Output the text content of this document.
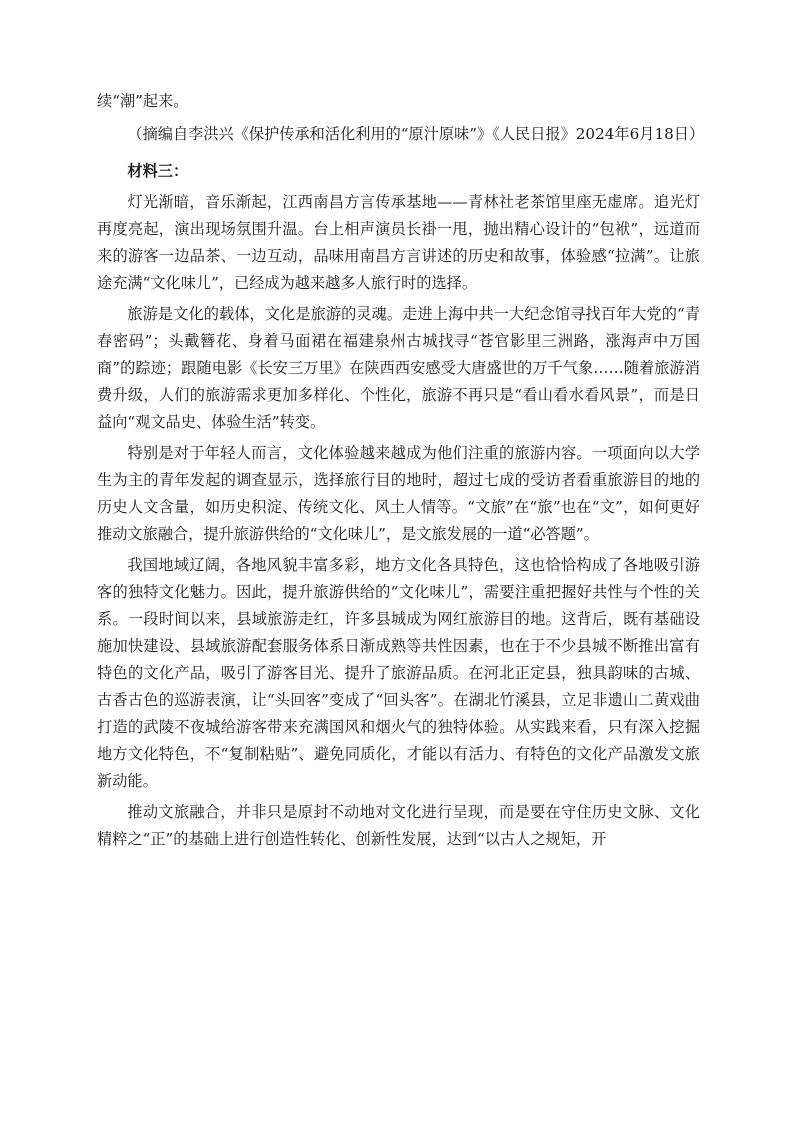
续“潮”起来。

（摘编自李洪兴《保护传承和活化利用的“原汁原味”》《人民日报》2024年6月18日）

材料三：

灯光渐暗，音乐渐起，江西南昌方言传承基地——青林社老茶馆里座无虚席。追光灯再度亮起，演出现场氛围升温。台上相声演员长褂一甩，抛出精心设计的“包袱”，远道而来的游客一边品茶、一边互动，品味用南昌方言讲述的历史和故事，体验感“拉满”。让旅途充满“文化味儿”，已经成为越来越多人旅行时的选择。

旅游是文化的载体，文化是旅游的灵魂。走进上海中共一大纪念馆寻找百年大党的“青春密码”；头戴簪花、身着马面裙在福建泉州古城找寻“苍官影里三洲路，涨海声中万国商”的踪迹；跟随电影《长安三万里》在陕西西安感受大唐盛世的万千气象……随着旅游消费升级，人们的旅游需求更加多样化、个性化，旅游不再只是“看山看水看风景”，而是日益向“观文品史、体验生活”转变。

特别是对于年轻人而言，文化体验越来越成为他们注重的旅游内容。一项面向以大学生为主的青年发起的调查显示，选择旅行目的地时，超过七成的受访者看重旅游目的地的历史人文含量，如历史积淀、传统文化、风土人情等。“文旅”在“旅”也在“文”，如何更好推动文旅融合，提升旅游供给的“文化味儿”，是文旅发展的一道“必答题”。

我国地域辽阔，各地风貌丰富多彩，地方文化各具特色，这也恰恰构成了各地吸引游客的独特文化魅力。因此，提升旅游供给的“文化味儿”，需要注重把握好共性与个性的关系。一段时间以来，县域旅游走红，许多县城成为网红旅游目的地。这背后，既有基础设施加快建设、县域旅游配套服务体系日渐成熟等共性因素，也在于不少县城不断推出富有特色的文化产品，吸引了游客目光、提升了旅游品质。在河北正定县，独具韵味的古城、古香古色的巡游表演，让“头回客”变成了“回头客”。在湖北竹溪县，立足非遗山二黄戏曲打造的武陵不夜城给游客带来充满国风和烟火气的独特体验。从实践来看，只有深入挖掘地方文化特色，不“复制粘贴”、避免同质化，才能以有活力、有特色的文化产品激发文旅新动能。

推动文旅融合，并非只是原封不动地对文化进行呈现，而是要在守住历史文脉、文化精粹之“正”的基础上进行创造性转化、创新性发展，达到“以古人之规矩，开
